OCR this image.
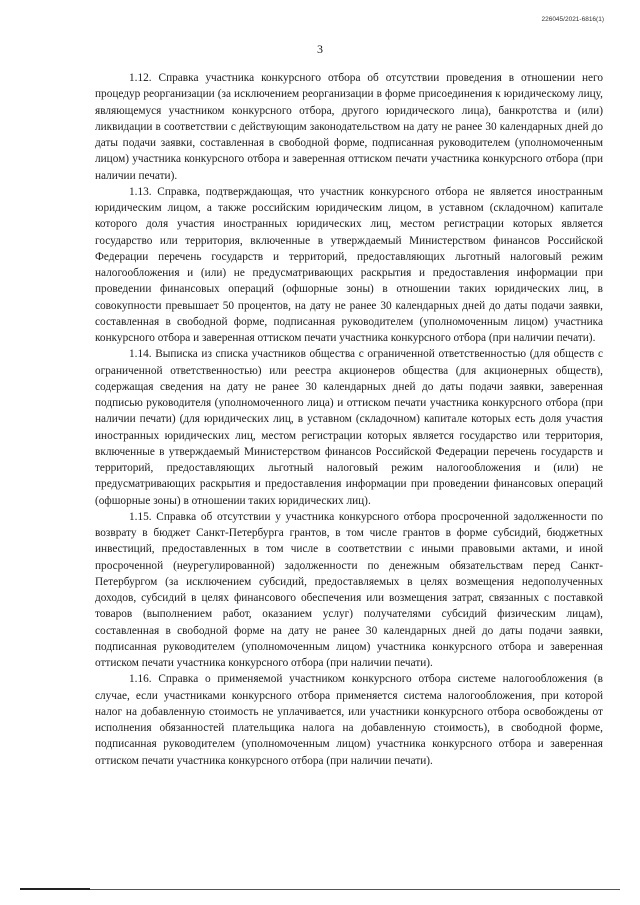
226045/2021-6816(1)
3

1.12. Справка участника конкурсного отбора об отсутствии проведения в отношении него процедур реорганизации (за исключением реорганизации в форме присоединения к юридическому лицу, являющемуся участником конкурсного отбора, другого юридического лица), банкротства и (или) ликвидации в соответствии с действующим законодательством на дату не ранее 30 календарных дней до даты подачи заявки, составленная в свободной форме, подписанная руководителем (уполномоченным лицом) участника конкурсного отбора и заверенная оттиском печати участника конкурсного отбора (при наличии печати).

1.13. Справка, подтверждающая, что участник конкурсного отбора не является иностранным юридическим лицом, а также российским юридическим лицом, в уставном (складочном) капитале которого доля участия иностранных юридических лиц, местом регистрации которых является государство или территория, включенные в утверждаемый Министерством финансов Российской Федерации перечень государств и территорий, предоставляющих льготный налоговый режим налогообложения и (или) не предусматривающих раскрытия и предоставления информации при проведении финансовых операций (офшорные зоны) в отношении таких юридических лиц, в совокупности превышает 50 процентов, на дату не ранее 30 календарных дней до даты подачи заявки, составленная в свободной форме, подписанная руководителем (уполномоченным лицом) участника конкурсного отбора и заверенная оттиском печати участника конкурсного отбора (при наличии печати).

1.14. Выписка из списка участников общества с ограниченной ответственностью (для обществ с ограниченной ответственностью) или реестра акционеров общества (для акционерных обществ), содержащая сведения на дату не ранее 30 календарных дней до даты подачи заявки, заверенная подписью руководителя (уполномоченного лица) и оттиском печати участника конкурсного отбора (при наличии печати) (для юридических лиц, в уставном (складочном) капитале которых есть доля участия иностранных юридических лиц, местом регистрации которых является государство или территория, включенные в утверждаемый Министерством финансов Российской Федерации перечень государств и территорий, предоставляющих льготный налоговый режим налогообложения и (или) не предусматривающих раскрытия и предоставления информации при проведении финансовых операций (офшорные зоны) в отношении таких юридических лиц).

1.15. Справка об отсутствии у участника конкурсного отбора просроченной задолженности по возврату в бюджет Санкт-Петербурга грантов, в том числе грантов в форме субсидий, бюджетных инвестиций, предоставленных в том числе в соответствии с иными правовыми актами, и иной просроченной (неурегулированной) задолженности по денежным обязательствам перед Санкт-Петербургом (за исключением субсидий, предоставляемых в целях возмещения недополученных доходов, субсидий в целях финансового обеспечения или возмещения затрат, связанных с поставкой товаров (выполнением работ, оказанием услуг) получателями субсидий физическим лицам), составленная в свободной форме на дату не ранее 30 календарных дней до даты подачи заявки, подписанная руководителем (уполномоченным лицом) участника конкурсного отбора и заверенная оттиском печати участника конкурсного отбора (при наличии печати).

1.16. Справка о применяемой участником конкурсного отбора системе налогообложения (в случае, если участниками конкурсного отбора применяется система налогообложения, при которой налог на добавленную стоимость не уплачивается, или участники конкурсного отбора освобождены от исполнения обязанностей плательщика налога на добавленную стоимость), в свободной форме, подписанная руководителем (уполномоченным лицом) участника конкурсного отбора и заверенная оттиском печати участника конкурсного отбора (при наличии печати).
